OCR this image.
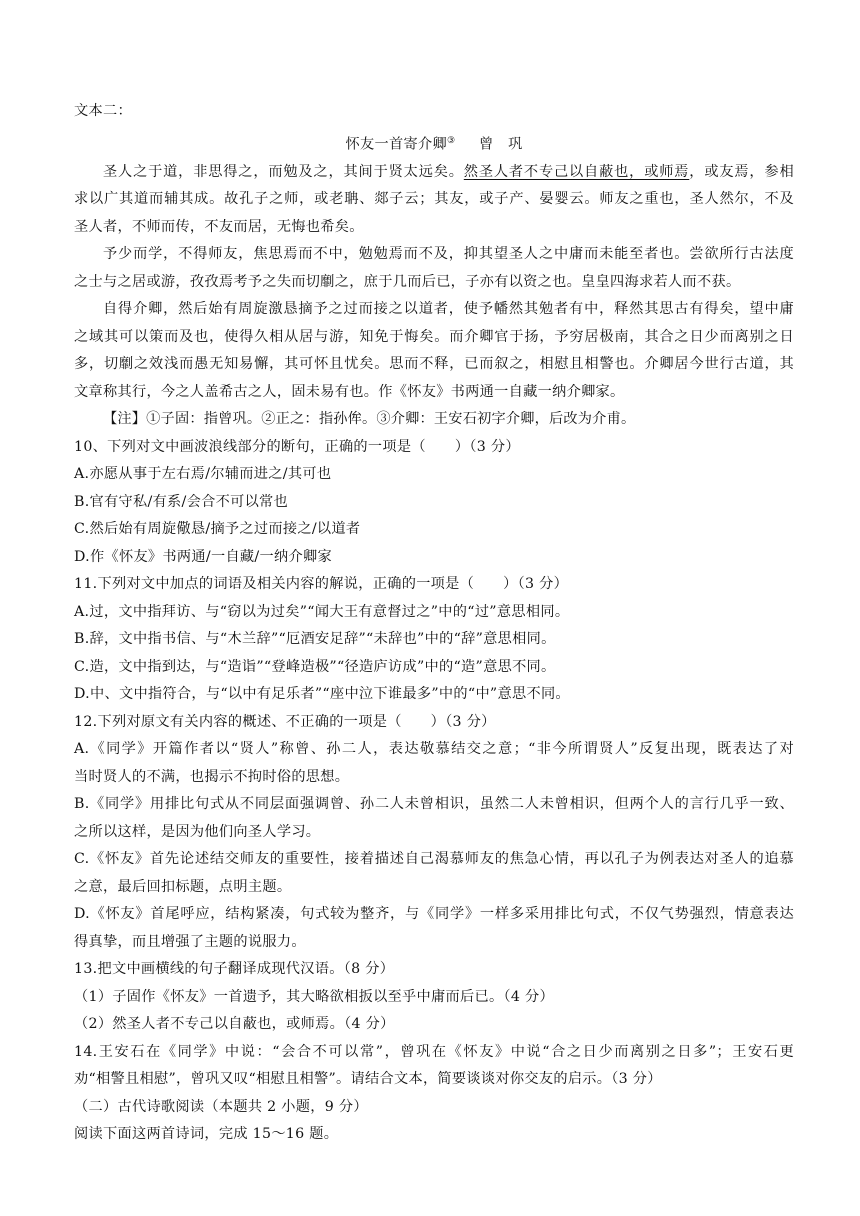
文本二：
怀友一首寄介卿③ 曾　巩
圣人之于道，非思得之，而勉及之，其间于贤太远矣。然圣人者不专己以自蔽也，或师焉，或友焉，参相
求以广其道而辅其成。故孔子之师，或老聃、郯子云；其友，或子产、晏婴云。师友之重也，圣人然尔，不及
圣人者，不师而传，不友而居，无悔也希矣。
予少而学，不得师友，焦思焉而不中，勉勉焉而不及，抑其望圣人之中庸而未能至者也。尝欲所行古法度
之士与之居或游，孜孜焉考予之失而切劘之，庶于几而后已，子亦有以资之也。皇皇四海求若人而不获。
自得介卿，然后始有周旋激恳摘予之过而接之以道者，使予幡然其勉者有中，释然其思古有得矣，望中庸
之域其可以策而及也，使得久相从居与游，知免于悔矣。而介卿官于扬，予穷居极南，其合之日少而离别之日
多，切劘之效浅而愚无知易懈，其可怀且忧矣。思而不释，已而叙之，相慰且相警也。介卿居今世行古道，其
文章称其行，今之人盖希古之人，固未易有也。作《怀友》书两通一自藏一纳介卿家。
【注】①子固：指曾巩。②正之：指孙侔。③介卿：王安石初字介卿，后改为介甫。
10、下列对文中画波浪线部分的断句，正确的一项是（　　）（3 分）
A.亦愿从事于左右焉/尔辅而进之/其可也
B.官有守私/有系/会合不可以常也
C.然后始有周旋儆恳/摘予之过而接之/以道者
D.作《怀友》书两通/一自藏/一纳介卿家
11.下列对文中加点的词语及相关内容的解说，正确的一项是（　　）（3 分）
A.过，文中指拜访、与“窃以为过矣”“闻大王有意督过之”中的“过”意思相同。
B.辞，文中指书信、与“木兰辞”“厄酒安足辞”“未辞也”中的“辞”意思相同。
C.造，文中指到达，与“造诣”“登峰造极”“径造庐访成”中的“造”意思不同。
D.中、文中指符合，与“以中有足乐者”“座中泣下谁最多”中的“中”意思不同。
12.下列对原文有关内容的概述、不正确的一项是（　　）（3 分）
A.《同学》开篇作者以“贤人”称曾、孙二人，表达敬慕结交之意；“非今所谓贤人”反复出现，既表达了对
当时贤人的不满，也揭示不拘时俗的思想。
B.《同学》用排比句式从不同层面强调曾、孙二人未曾相识，虽然二人未曾相识，但两个人的言行几乎一致、
之所以这样，是因为他们向圣人学习。
C.《怀友》首先论述结交师友的重要性，接着描述自己渴慕师友的焦急心情，再以孔子为例表达对圣人的追慕
之意，最后回扣标题，点明主题。
D.《怀友》首尾呼应，结构紧凑，句式较为整齐，与《同学》一样多采用排比句式，不仅气势强烈，情意表达
得真挚，而且增强了主题的说服力。
13.把文中画横线的句子翻译成现代汉语。（8 分）
（1）子固作《怀友》一首遗予，其大略欲相扳以至乎中庸而后已。（4 分）
（2）然圣人者不专己以自蔽也，或师焉。（4 分）
14.王安石在《同学》中说：“会合不可以常”，曾巩在《怀友》中说“合之日少而离别之日多”；王安石更
劝“相警且相慰”，曾巩又叹“相慰且相警”。请结合文本，简要谈谈对你交友的启示。（3 分）
（二）古代诗歌阅读（本题共 2 小题，9 分）
阅读下面这两首诗词，完成 15～16 题。
